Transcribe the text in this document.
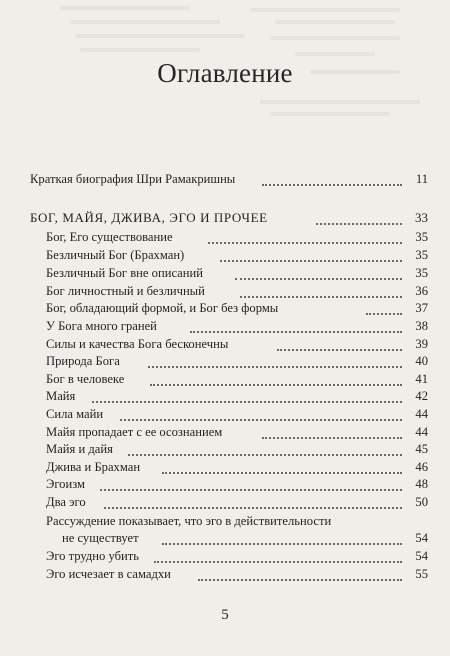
Оглавление
Краткая биография Шри Рамакришны	11
БОГ, МАЙЯ, ДЖИВА, ЭГО И ПРОЧЕЕ	33
Бог, Его существование	35
Безличный Бог (Брахман)	35
Безличный Бог вне описаний	35
Бог личностный и безличный	36
Бог, обладающий формой, и Бог без формы	37
У Бога много граней	38
Силы и качества Бога бесконечны	39
Природа Бога	40
Бог в человеке	41
Майя	42
Сила майи	44
Майя пропадает с ее осознанием	44
Майя и дайя	45
Джива и Брахман	46
Эгоизм	48
Два эго	50
Рассуждение показывает, что эго в действительности
не существует	54
Эго трудно убить	54
Эго исчезает в самадхи	55
5
